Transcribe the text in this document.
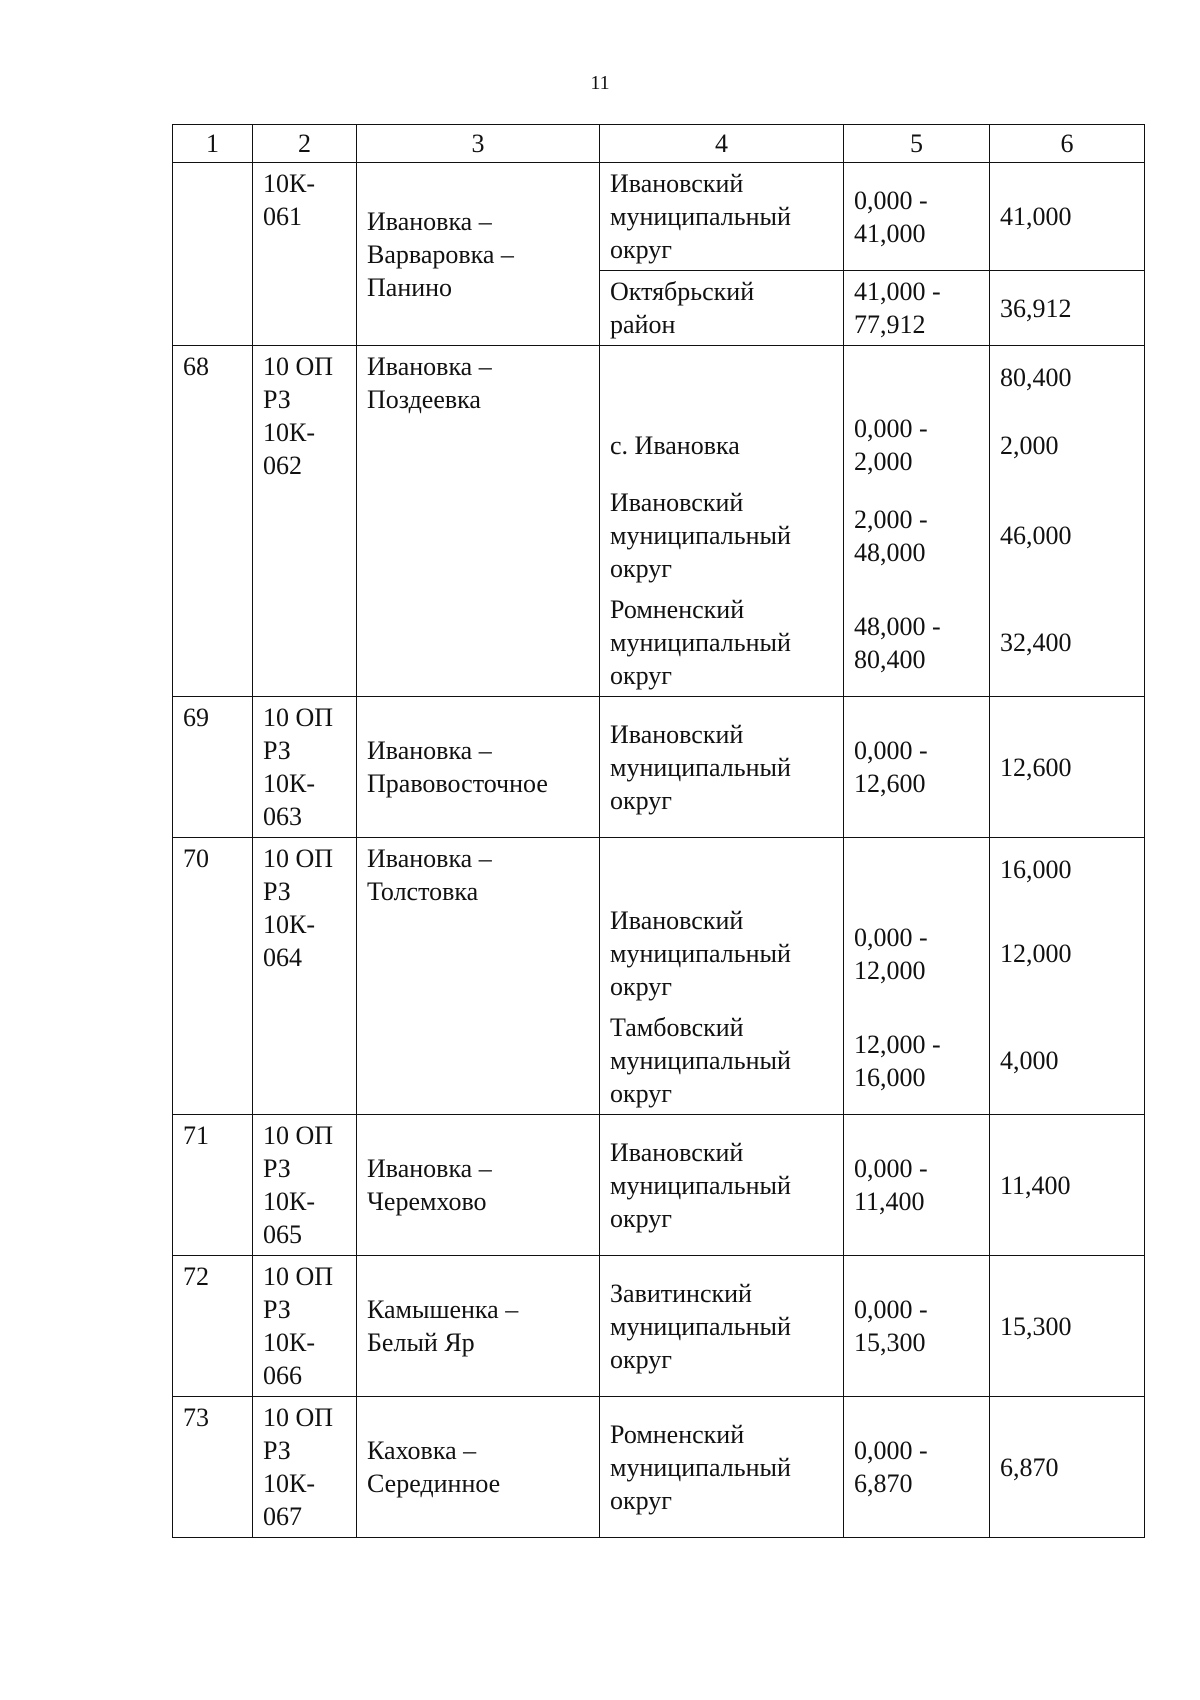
11
1	2	3	4	5	6

	10К-
061	Ивановка –
Варваровка –
Панино	Ивановский
муниципальный
округ	0,000 -
41,000	41,000

			Октябрьский
район	41,000 -
77,912	36,912
68	10 ОП
РЗ
10К-
062	Ивановка –
Поздеевка			80,400

			с. Ивановка	0,000 -
2,000	2,000

			Ивановский
муниципальный
округ	2,000 -
48,000	46,000

			Ромненский
муниципальный
округ	48,000 -
80,400	32,400
69	10 ОП
РЗ
10К-
063	Ивановка –
Правовосточное	Ивановский
муниципальный
округ	0,000 -
12,600	12,600
70	10 ОП
РЗ
10К-
064	Ивановка –
Толстовка			16,000

			Ивановский
муниципальный
округ	0,000 -
12,000	12,000

			Тамбовский
муниципальный
округ	12,000 -
16,000	4,000
71	10 ОП
РЗ
10К-
065	Ивановка –
Черемхово	Ивановский
муниципальный
округ	0,000 -
11,400	11,400
72	10 ОП
РЗ
10К-
066	Камышенка –
Белый Яр	Завитинский
муниципальный
округ	0,000 -
15,300	15,300
73	10 ОП
РЗ
10К-
067	Каховка –
Серединное	Ромненский
муниципальный
округ	0,000 -
6,870	6,870
